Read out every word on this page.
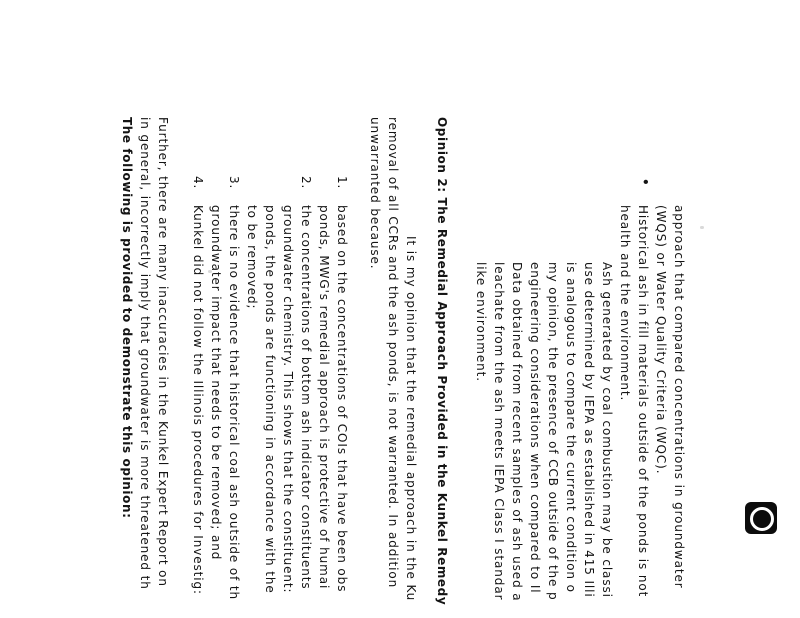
approach that compared concentrations in groundwater
(WQS) or Water Quality Criteria (WQC).
•
Historical ash in fill materials outside of the ponds is not
health and the environment.
Ash generated by coal combustion may be classi
use determined by IEPA as established in 415 Illi
is analogous to compare the current condition o
my opinion, the presence of CCB outside of the p
engineering considerations when compared to Il
Data obtained from recent samples of ash used a
leachate from the ash meets IEPA Class I standar
like environment.
Opinion 2: The Remedial Approach Provided in the Kunkel Remedy
It is my opinion that the remedial approach in the Ku
removal of all CCRs and the ash ponds, is not warranted. In addition
unwarranted because.
1.
based on the concentrations of COIs that have been obs
ponds, MWG's remedial approach is protective of humai
2.
the concentrations of bottom ash indicator constituents
groundwater chemistry. This shows that the constituent:
ponds, the ponds are functioning in accordance with the
to be removed;
3.
there is no evidence that historical coal ash outside of th
groundwater impact that needs to be removed; and
4.
Kunkel did not follow the Illinois procedures for Investig:
Further, there are many inaccuracies in the Kunkel Expert Report on
in general, incorrectly imply that groundwater is more threatened th
The following is provided to demonstrate this opinion:
